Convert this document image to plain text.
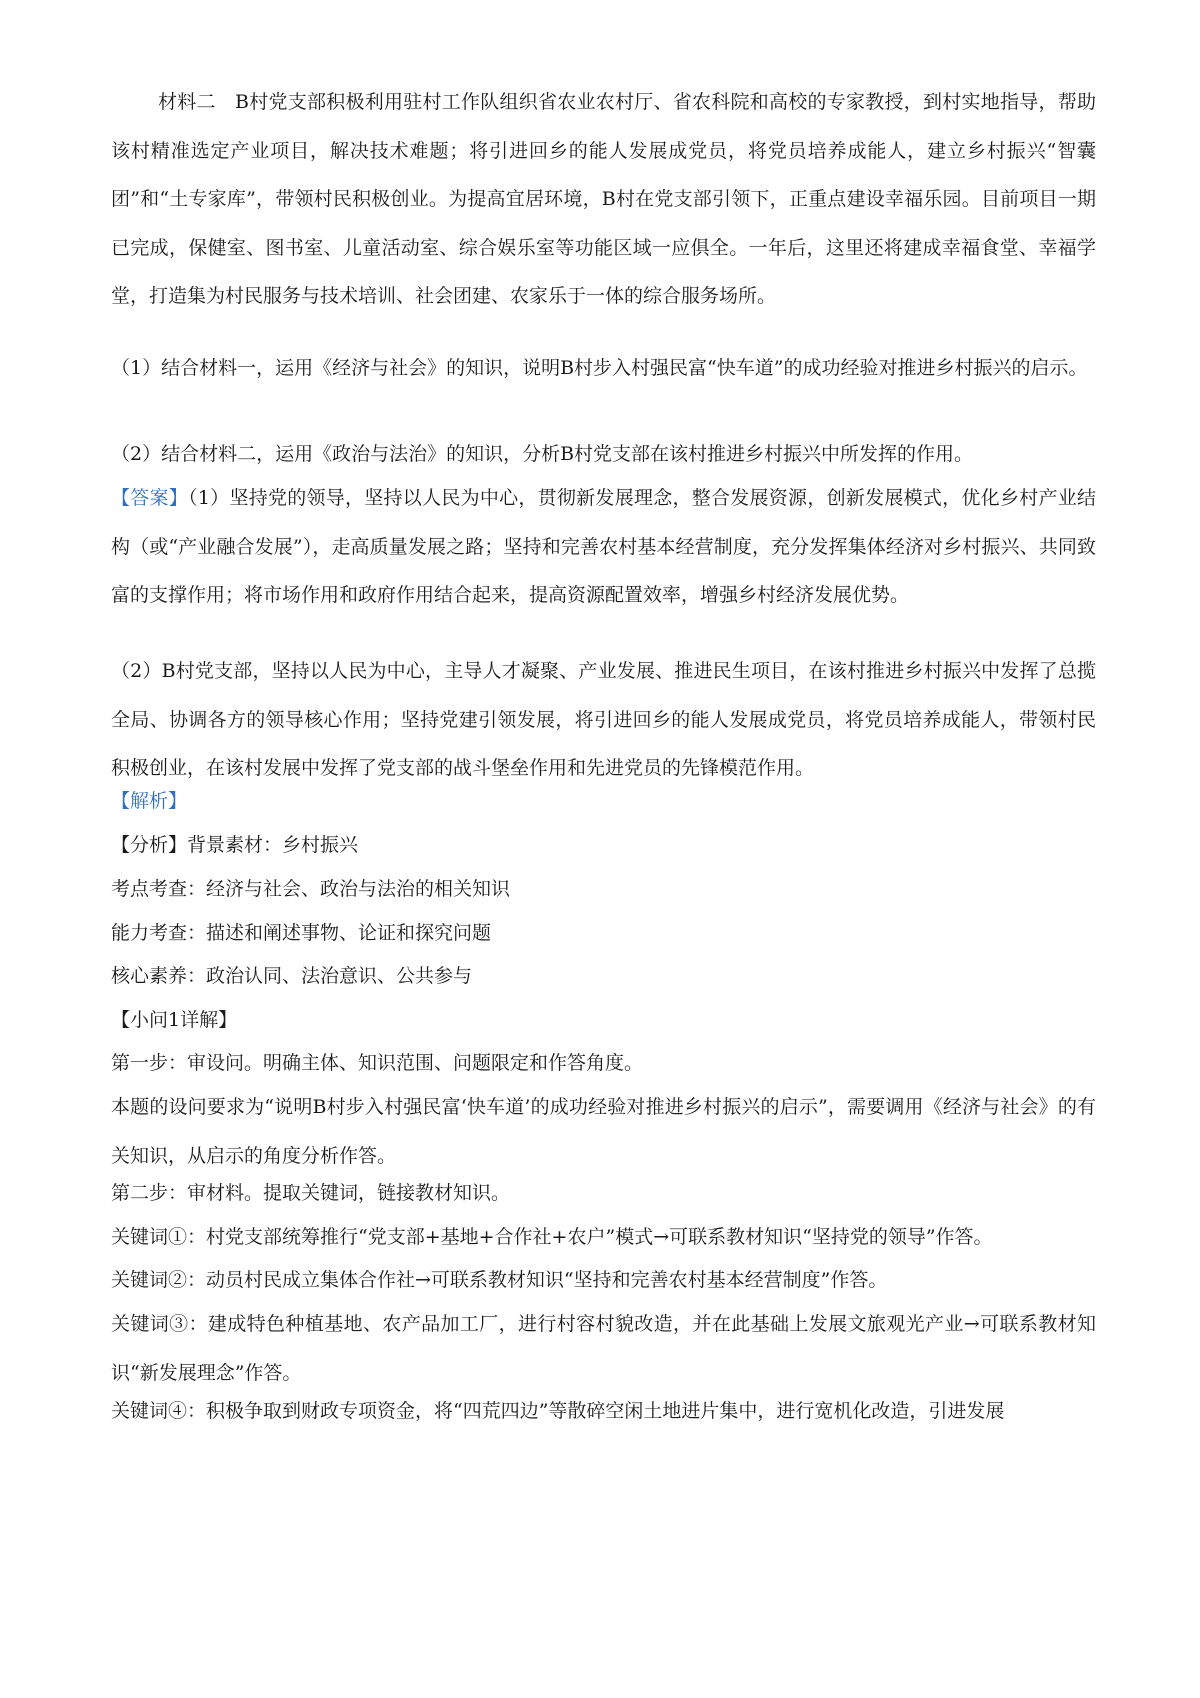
材料二　B村党支部积极利用驻村工作队组织省农业农村厅、省农科院和高校的专家教授，到村实地指导，帮助该村精准选定产业项目，解决技术难题；将引进回乡的能人发展成党员，将党员培养成能人，建立乡村振兴“智囊团”和“土专家库”，带领村民积极创业。为提高宜居环境，B村在党支部引领下，正重点建设幸福乐园。目前项目一期已完成，保健室、图书室、儿童活动室、综合娱乐室等功能区域一应俱全。一年后，这里还将建成幸福食堂、幸福学堂，打造集为村民服务与技术培训、社会团建、农家乐于一体的综合服务场所。

（1）结合材料一，运用《经济与社会》的知识，说明B村步入村强民富“快车道”的成功经验对推进乡村振兴的启示。

（2）结合材料二，运用《政治与法治》的知识，分析B村党支部在该村推进乡村振兴中所发挥的作用。

【答案】（1）坚持党的领导，坚持以人民为中心，贯彻新发展理念，整合发展资源，创新发展模式，优化乡村产业结构（或“产业融合发展”），走高质量发展之路；坚持和完善农村基本经营制度，充分发挥集体经济对乡村振兴、共同致富的支撑作用；将市场作用和政府作用结合起来，提高资源配置效率，增强乡村经济发展优势。

（2）B村党支部，坚持以人民为中心，主导人才凝聚、产业发展、推进民生项目，在该村推进乡村振兴中发挥了总揽全局、协调各方的领导核心作用；坚持党建引领发展，将引进回乡的能人发展成党员，将党员培养成能人，带领村民积极创业，在该村发展中发挥了党支部的战斗堡垒作用和先进党员的先锋模范作用。

【解析】

【分析】背景素材：乡村振兴

考点考查：经济与社会、政治与法治的相关知识

能力考查：描述和阐述事物、论证和探究问题

核心素养：政治认同、法治意识、公共参与

【小问1详解】

第一步：审设问。明确主体、知识范围、问题限定和作答角度。

本题的设问要求为“说明B村步入村强民富‘快车道’的成功经验对推进乡村振兴的启示”，需要调用《经济与社会》的有关知识，从启示的角度分析作答。

第二步：审材料。提取关键词，链接教材知识。

关键词①：村党支部统筹推行“党支部+基地+合作社+农户”模式→可联系教材知识“坚持党的领导”作答。

关键词②：动员村民成立集体合作社→可联系教材知识“坚持和完善农村基本经营制度”作答。

关键词③：建成特色种植基地、农产品加工厂，进行村容村貌改造，并在此基础上发展文旅观光产业→可联系教材知识“新发展理念”作答。

关键词④：积极争取到财政专项资金，将“四荒四边”等散碎空闲土地进片集中，进行宽机化改造，引进发展
